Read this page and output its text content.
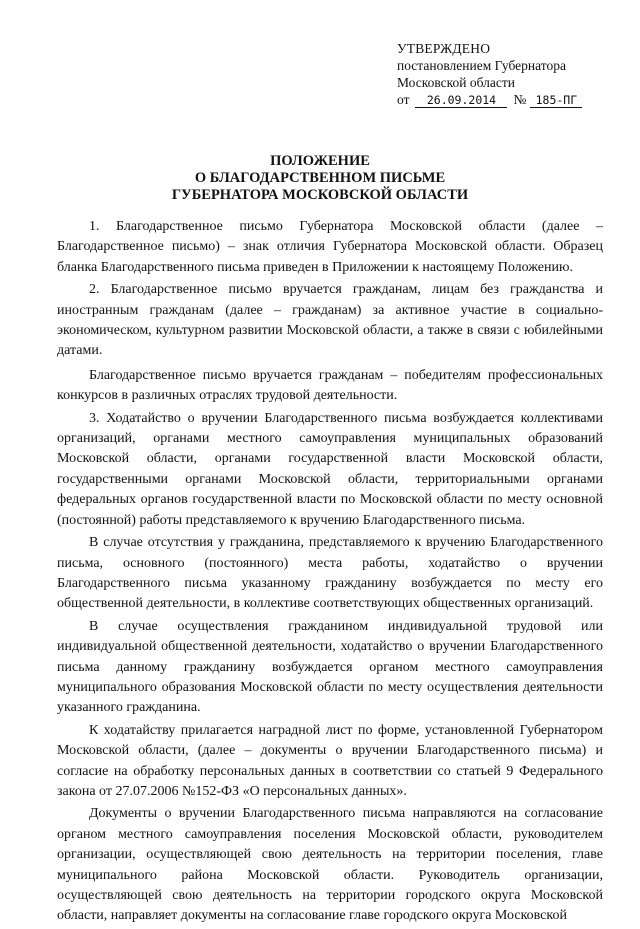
УТВЕРЖДЕНО
постановлением Губернатора
Московской области
от	26.09.2014	№ 185-ПГ
ПОЛОЖЕНИЕ
О БЛАГОДАРСТВЕННОМ ПИСЬМЕ
ГУБЕРНАТОРА МОСКОВСКОЙ ОБЛАСТИ

1. Благодарственное письмо Губернатора Московской области (далее – Благодарственное письмо) – знак отличия Губернатора Московской области. Образец бланка Благодарственного письма приведен в Приложении к настоящему Положению.

2. Благодарственное письмо вручается гражданам, лицам без гражданства и иностранным гражданам (далее – гражданам) за активное участие в социально-экономическом, культурном развитии Московской области, а также в связи с юбилейными датами.

Благодарственное письмо вручается гражданам – победителям профессиональных конкурсов в различных отраслях трудовой деятельности.

3. Ходатайство о вручении Благодарственного письма возбуждается коллективами организаций, органами местного самоуправления муниципальных образований Московской области, органами государственной власти Московской области, государственными органами Московской области, территориальными органами федеральных органов государственной власти по Московской области по месту основной (постоянной) работы представляемого к вручению Благодарственного письма.

В случае отсутствия у гражданина, представляемого к вручению Благодарственного письма, основного (постоянного) места работы, ходатайство о вручении Благодарственного письма указанному гражданину возбуждается по месту его общественной деятельности, в коллективе соответствующих общественных организаций.

В случае осуществления гражданином индивидуальной трудовой или индивидуальной общественной деятельности, ходатайство о вручении Благодарственного письма данному гражданину возбуждается органом местного самоуправления муниципального образования Московской области по месту осуществления деятельности указанного гражданина.

К ходатайству прилагается наградной лист по форме, установленной Губернатором Московской области, (далее – документы о вручении Благодарственного письма) и согласие на обработку персональных данных в соответствии со статьей 9 Федерального закона от 27.07.2006 №152-ФЗ «О персональных данных».

Документы о вручении Благодарственного письма направляются на согласование органом местного самоуправления поселения Московской области, руководителем организации, осуществляющей свою деятельность на территории поселения, главе муниципального района Московской области. Руководитель организации, осуществляющей свою деятельность на территории городского округа Московской области, направляет документы на согласование главе городского округа Московской
